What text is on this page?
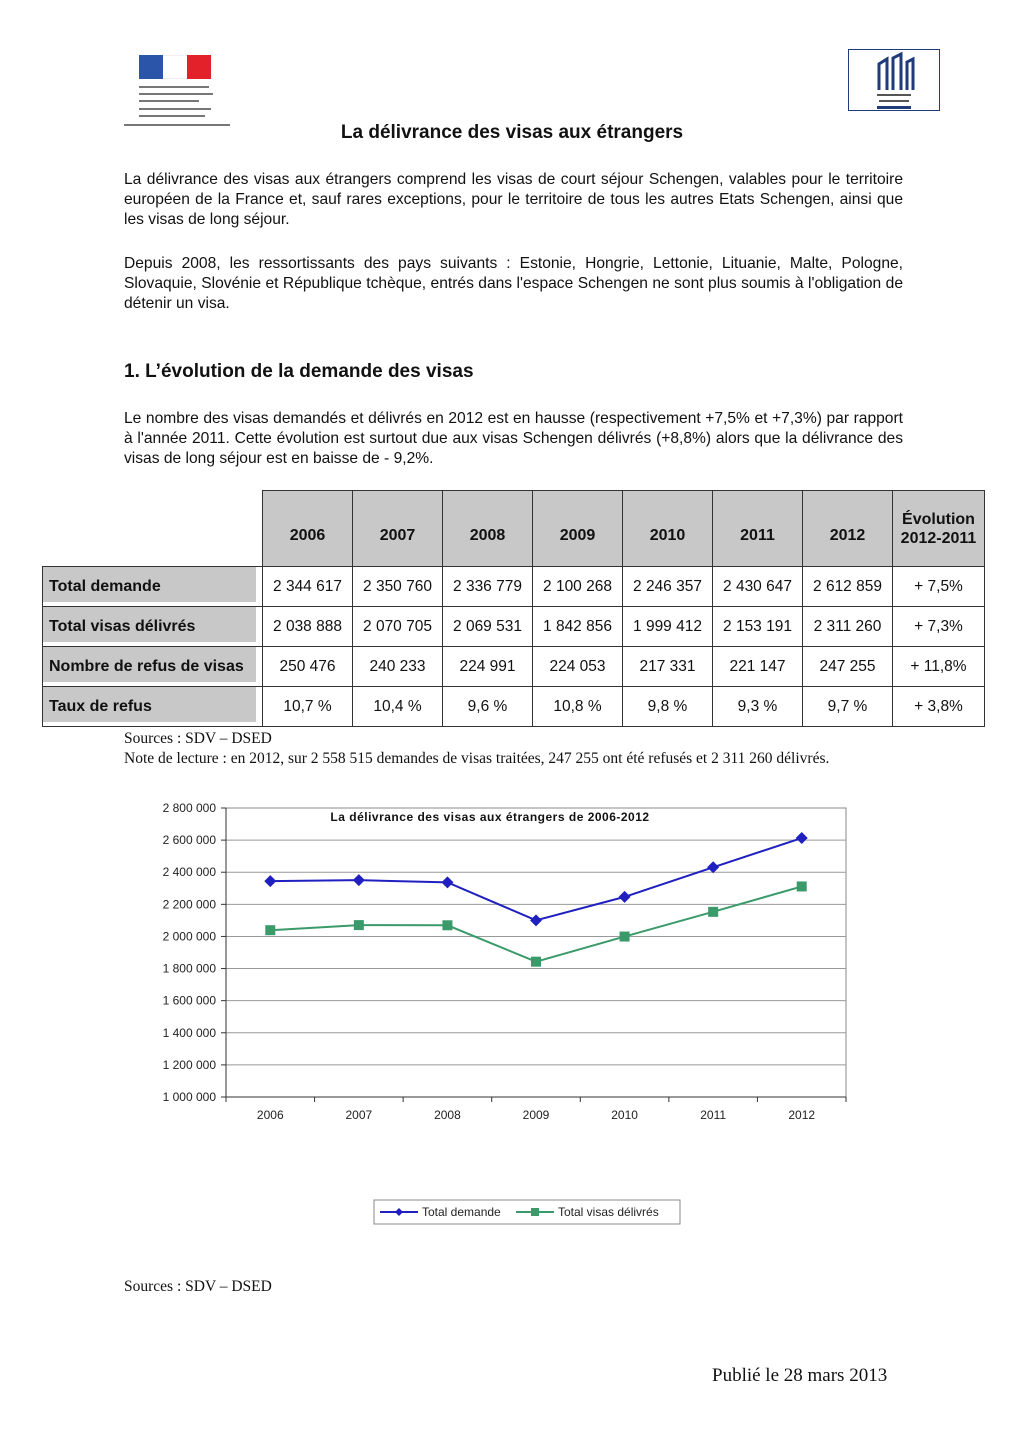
La délivrance des visas aux étrangers
La délivrance des visas aux étrangers comprend les visas de court séjour Schengen, valables pour le territoire européen de la France et, sauf rares exceptions, pour le territoire de tous les autres Etats Schengen, ainsi que les visas de long séjour.
Depuis 2008, les ressortissants des pays suivants : Estonie, Hongrie, Lettonie, Lituanie, Malte, Pologne, Slovaquie, Slovénie et République tchèque, entrés dans l'espace Schengen ne sont plus soumis à l'obligation de détenir un visa.
1. L’évolution de la demande des visas
Le nombre des visas demandés et délivrés en 2012 est en hausse (respectivement +7,5% et +7,3%) par rapport à l'année 2011. Cette évolution est surtout due aux visas Schengen délivrés (+8,8%) alors que la délivrance des visas de long séjour est en baisse de - 9,2%.
	2006	2007	2008	2009	2010	2011	2012	Évolution 2012-2011
Total demande	2 344 617	2 350 760	2 336 779	2 100 268	2 246 357	2 430 647	2 612 859	+ 7,5%
Total visas délivrés	2 038 888	2 070 705	2 069 531	1 842 856	1 999 412	2 153 191	2 311 260	+ 7,3%
Nombre de refus de visas	250 476	240 233	224 991	224 053	217 331	221 147	247 255	+ 11,8%
Taux de refus	10,7 %	10,4 %	9,6 %	10,8 %	9,8 %	9,3 %	9,7 %	+ 3,8%
Sources : SDV – DSED
Note de lecture : en 2012, sur 2 558 515 demandes de visas traitées, 247 255 ont été refusés et 2 311 260 délivrés.
1 000 000
1 200 000
1 400 000
1 600 000
1 800 000
2 000 000
2 200 000
2 400 000
2 600 000
2 800 000
2006	2007	2008	2009	2010	2011	2012
La délivrance des visas aux étrangers de 2006-2012
Total demande	Total visas délivrés
Sources : SDV – DSED
Publié le 28 mars 2013
